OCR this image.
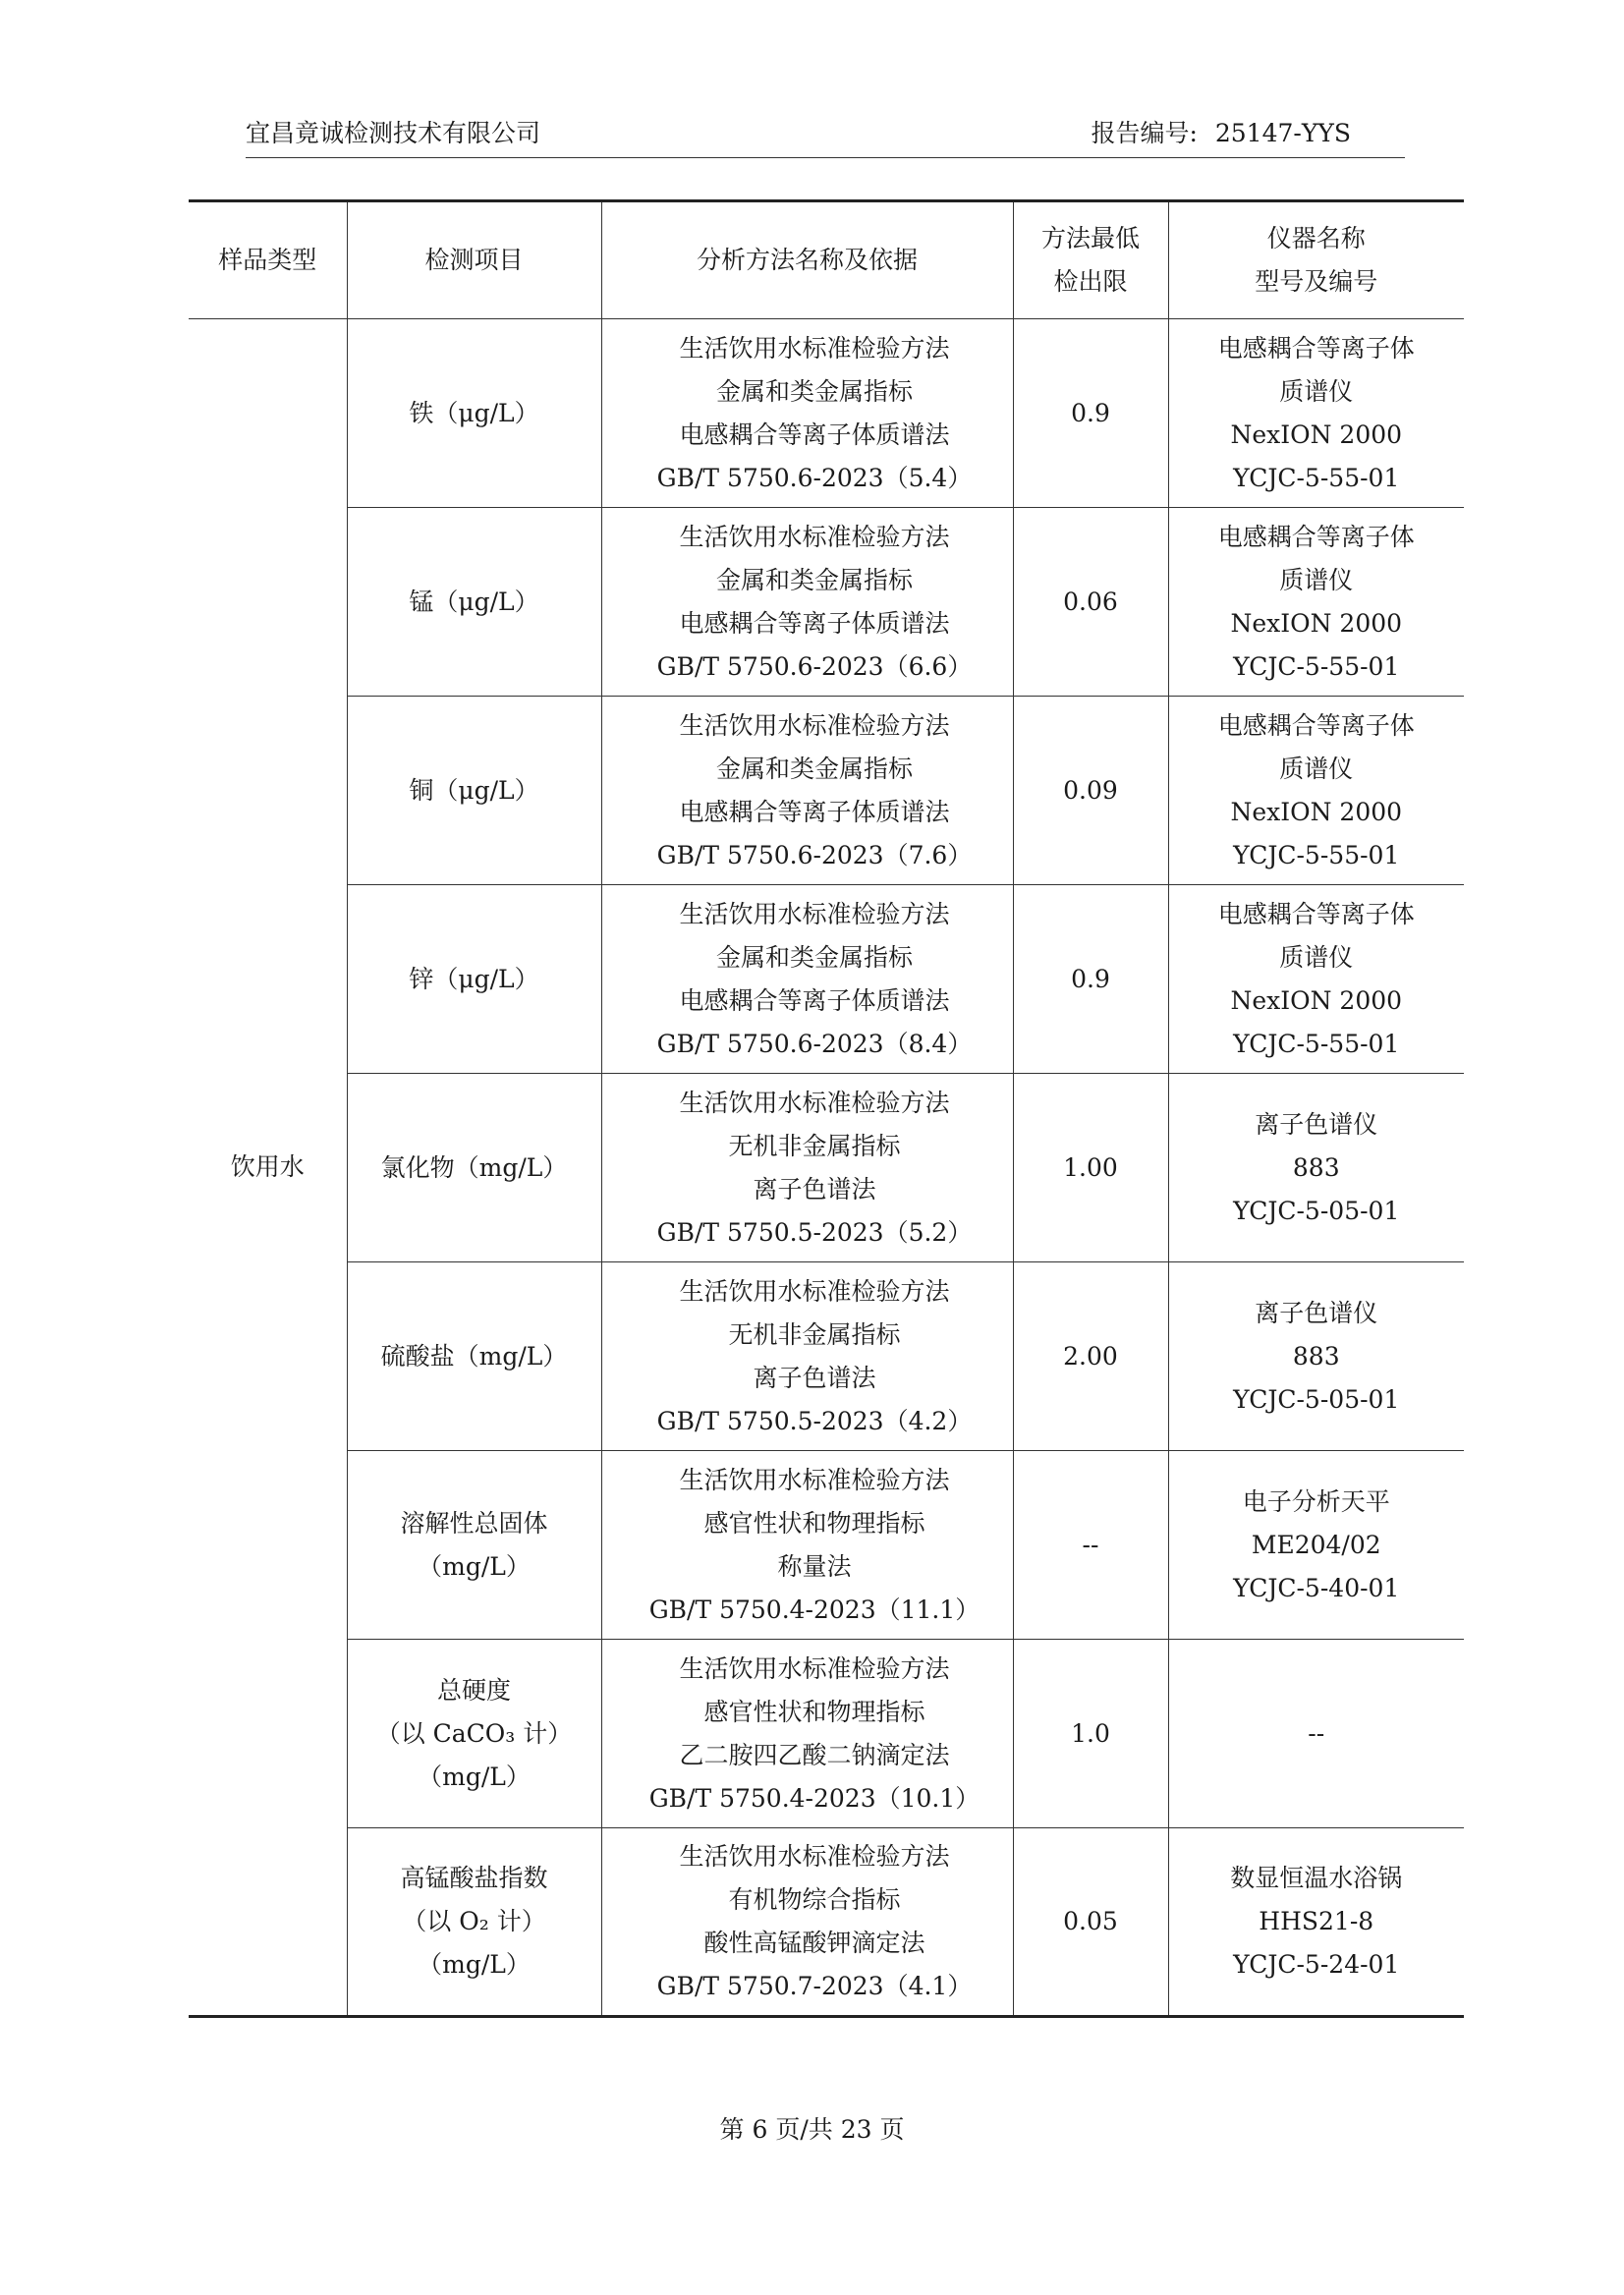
宜昌竟诚检测技术有限公司	报告编号: 25147-YYS
样品类型	检测项目	分析方法名称及依据	方法最低
检出限	仪器名称
型号及编号

饮用水	铁（μg/L）	生活饮用水标准检验方法
金属和类金属指标
电感耦合等离子体质谱法
GB/T 5750.6-2023（5.4）	0.9	电感耦合等离子体
质谱仪
NexION 2000
YCJC-5-55-01

	锰（μg/L）	生活饮用水标准检验方法
金属和类金属指标
电感耦合等离子体质谱法
GB/T 5750.6-2023（6.6）	0.06	电感耦合等离子体
质谱仪
NexION 2000
YCJC-5-55-01

	铜（μg/L）	生活饮用水标准检验方法
金属和类金属指标
电感耦合等离子体质谱法
GB/T 5750.6-2023（7.6）	0.09	电感耦合等离子体
质谱仪
NexION 2000
YCJC-5-55-01

	锌（μg/L）	生活饮用水标准检验方法
金属和类金属指标
电感耦合等离子体质谱法
GB/T 5750.6-2023（8.4）	0.9	电感耦合等离子体
质谱仪
NexION 2000
YCJC-5-55-01

	氯化物（mg/L）	生活饮用水标准检验方法
无机非金属指标
离子色谱法
GB/T 5750.5-2023（5.2）	1.00	离子色谱仪
883
YCJC-5-05-01

	硫酸盐（mg/L）	生活饮用水标准检验方法
无机非金属指标
离子色谱法
GB/T 5750.5-2023（4.2）	2.00	离子色谱仪
883
YCJC-5-05-01

	溶解性总固体
（mg/L）	生活饮用水标准检验方法
感官性状和物理指标
称量法
GB/T 5750.4-2023（11.1）	--	电子分析天平
ME204/02
YCJC-5-40-01

	总硬度
（以 CaCO₃ 计）
（mg/L）	生活饮用水标准检验方法
感官性状和物理指标
乙二胺四乙酸二钠滴定法
GB/T 5750.4-2023（10.1）	1.0	--

	高锰酸盐指数
（以 O₂ 计）
（mg/L）	生活饮用水标准检验方法
有机物综合指标
酸性高锰酸钾滴定法
GB/T 5750.7-2023（4.1）	0.05	数显恒温水浴锅
HHS21-8
YCJC-5-24-01
第 6 页/共 23 页
